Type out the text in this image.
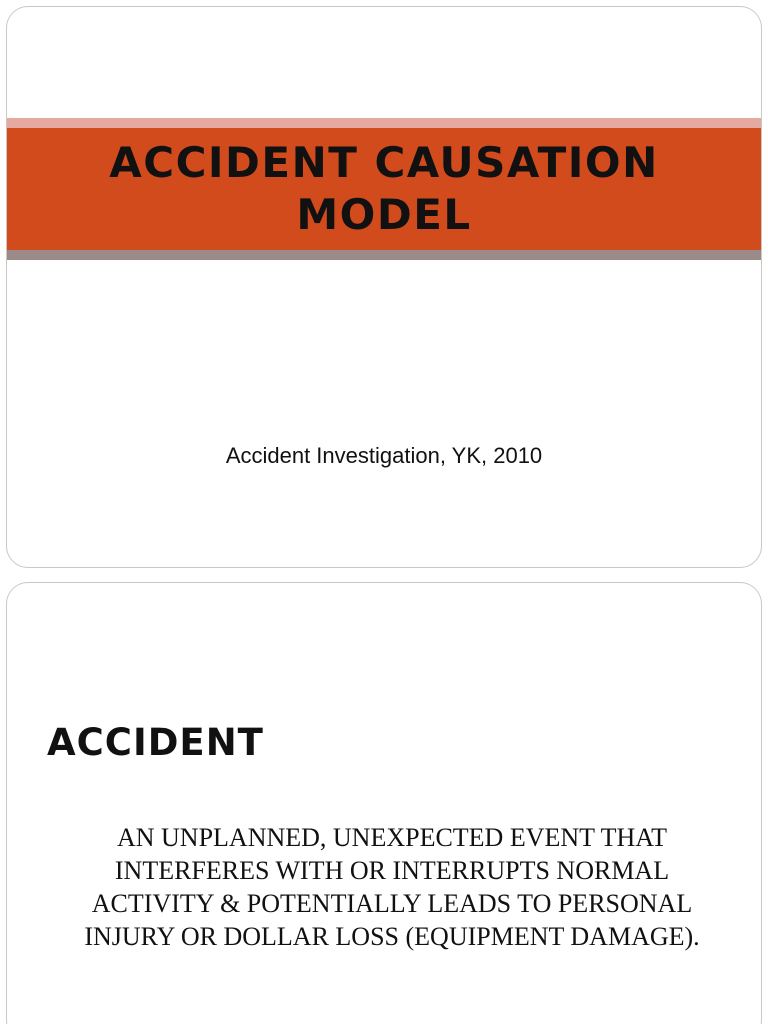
ACCIDENT CAUSATION MODEL

Accident Investigation, YK, 2010

ACCIDENT

AN UNPLANNED, UNEXPECTED EVENT THAT INTERFERES WITH OR INTERRUPTS NORMAL ACTIVITY & POTENTIALLY LEADS TO PERSONAL INJURY OR DOLLAR LOSS (EQUIPMENT DAMAGE).
